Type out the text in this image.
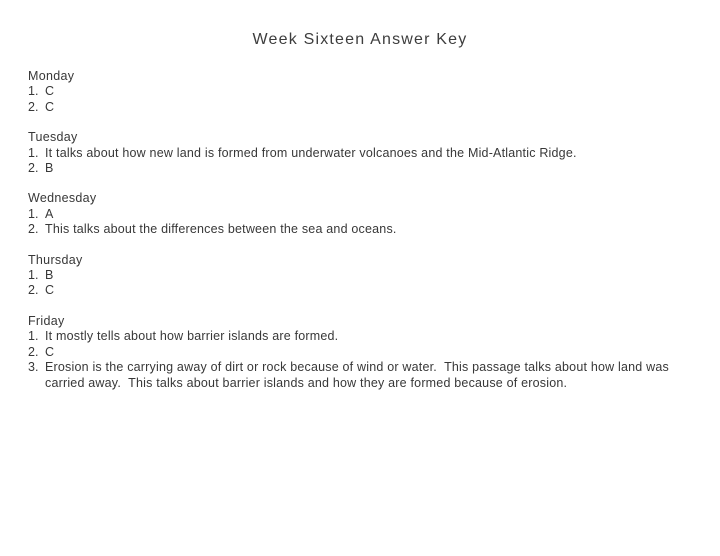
Week Sixteen Answer Key
Monday
1. C
2. C
Tuesday
1. It talks about how new land is formed from underwater volcanoes and the Mid-Atlantic Ridge.
2. B
Wednesday
1. A
2. This talks about the differences between the sea and oceans.
Thursday
1. B
2. C
Friday
1. It mostly tells about how barrier islands are formed.
2. C
3. Erosion is the carrying away of dirt or rock because of wind or water.  This passage talks about how land was carried away.  This talks about barrier islands and how they are formed because of erosion.
